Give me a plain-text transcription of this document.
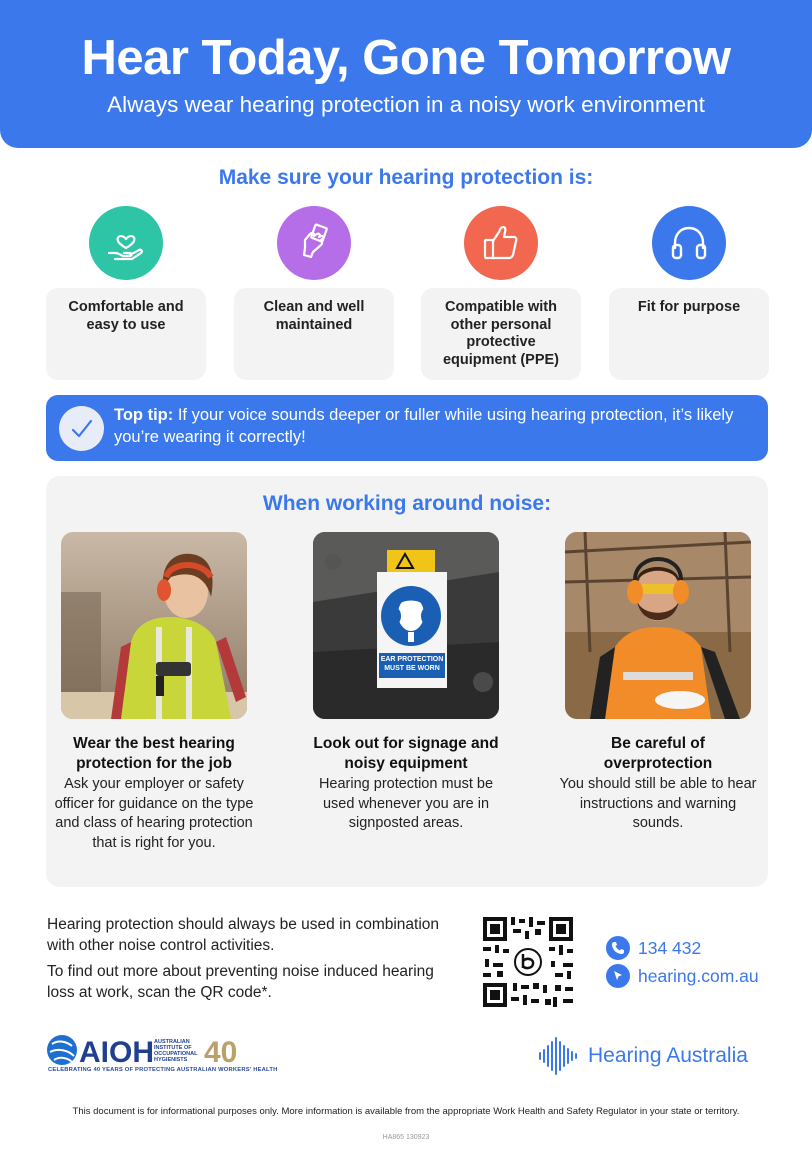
Hear Today, Gone Tomorrow
Always wear hearing protection in a noisy work environment
Make sure your hearing protection is:
Comfortable and easy to use
Clean and well maintained
Compatible with other personal protective equipment (PPE)
Fit for purpose
Top tip: If your voice sounds deeper or fuller while using hearing protection, it’s likely you’re wearing it correctly!
When working around noise:
Wear the best hearing protection for the job

Ask your employer or safety officer for guidance on the type and class of hearing protection that is right for you.

EAR PROTECTION MUST BE WORN
Look out for signage and noisy equipment

Hearing protection must be used whenever you are in signposted areas.

Be careful of overprotection

You should still be able to hear instructions and warning sounds.

Hearing protection should always be used in combination with other noise control activities.

To find out more about preventing noise induced hearing loss at work, scan the QR code*.

134 432
hearing.com.au
AIOH 40
AUSTRALIAN INSTITUTE OF OCCUPATIONAL HYGIENISTS
CELEBRATING 40 YEARS OF PROTECTING AUSTRALIAN WORKERS' HEALTH
Hearing Australia
This document is for informational purposes only. More information is available from the appropriate Work Health and Safety Regulator in your state or territory.
HA865 130923
